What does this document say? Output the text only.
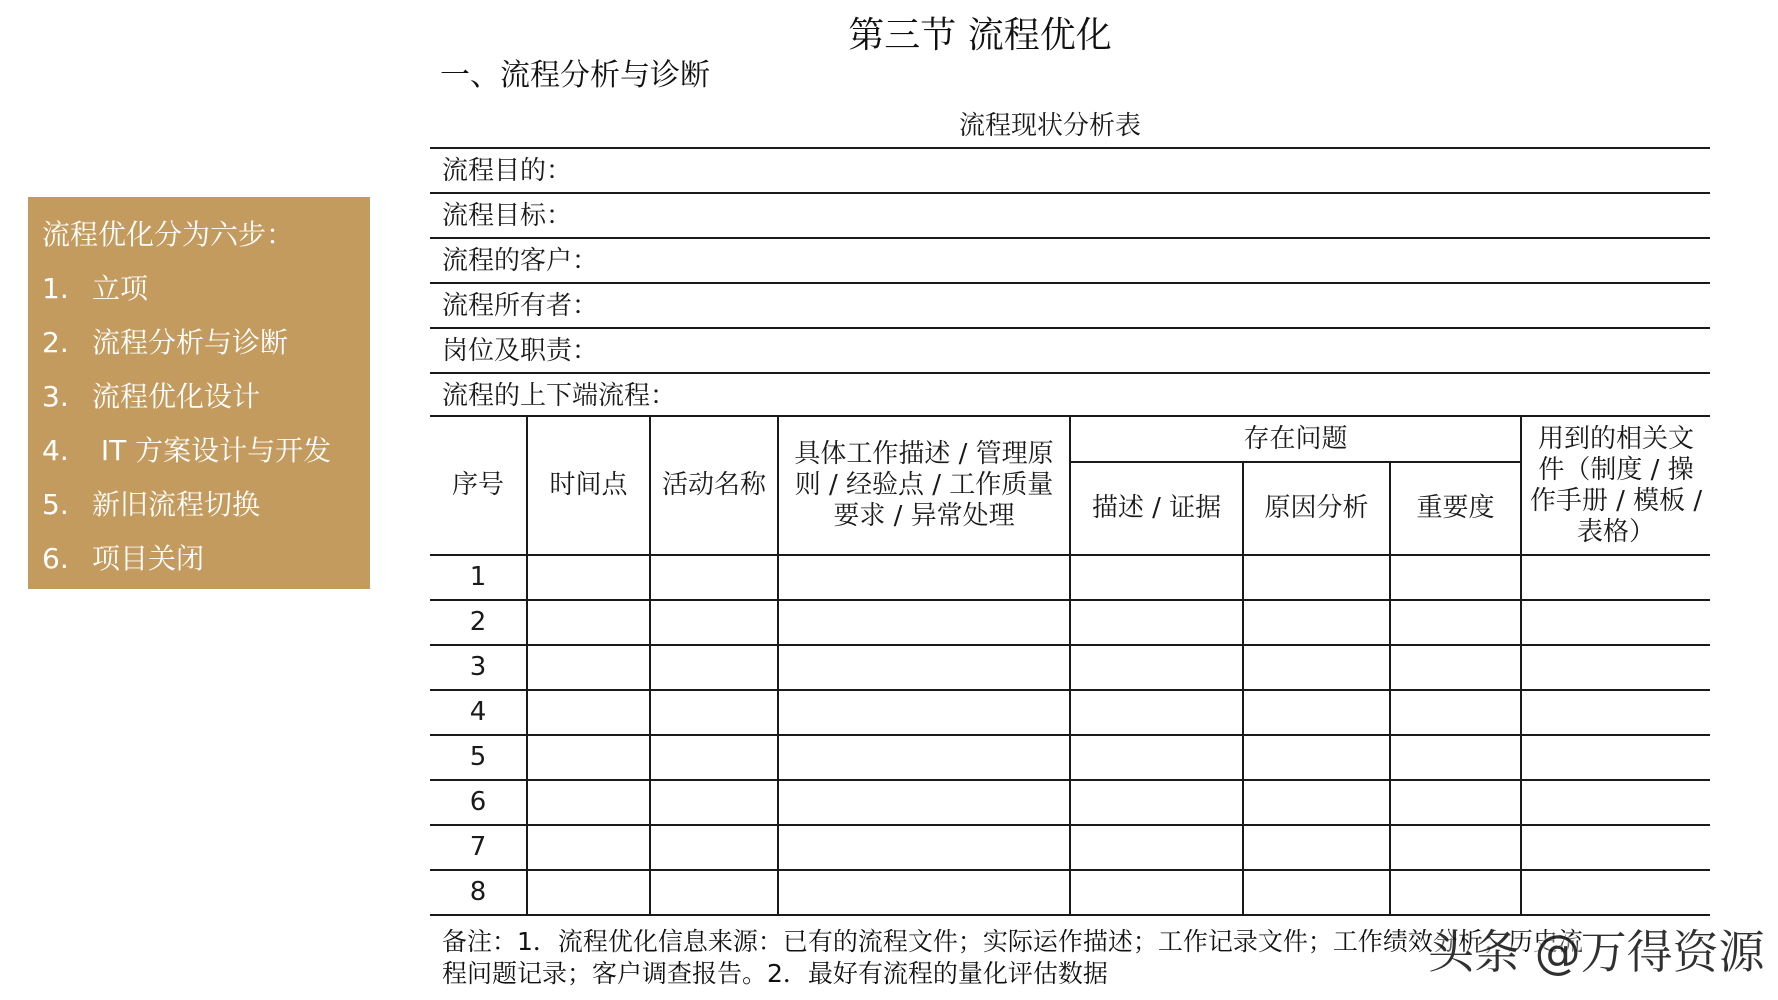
第三节 流程优化
一、流程分析与诊断
流程优化分为六步：
1. 立项
2. 流程分析与诊断
3. 流程优化设计
4. IT 方案设计与开发
5. 新旧流程切换
6. 项目关闭
流程现状分析表
流程目的：
流程目标：
流程的客户：
流程所有者：
岗位及职责：
流程的上下端流程：
序号	时间点	活动名称	具体工作描述 / 管理原则 / 经验点 / 工作质量要求 / 异常处理	存在问题			用到的相关文件（制度 / 操作手册 / 模板 / 表格）
				描述 / 证据	原因分析	重要度	
1							
2							
3							
4							
5							
6							
7							
8							
备注：1．流程优化信息来源：已有的流程文件；实际运作描述；工作记录文件；工作绩效分析；历史流
程问题记录；客户调查报告。2．最好有流程的量化评估数据	头条 @万得资源
